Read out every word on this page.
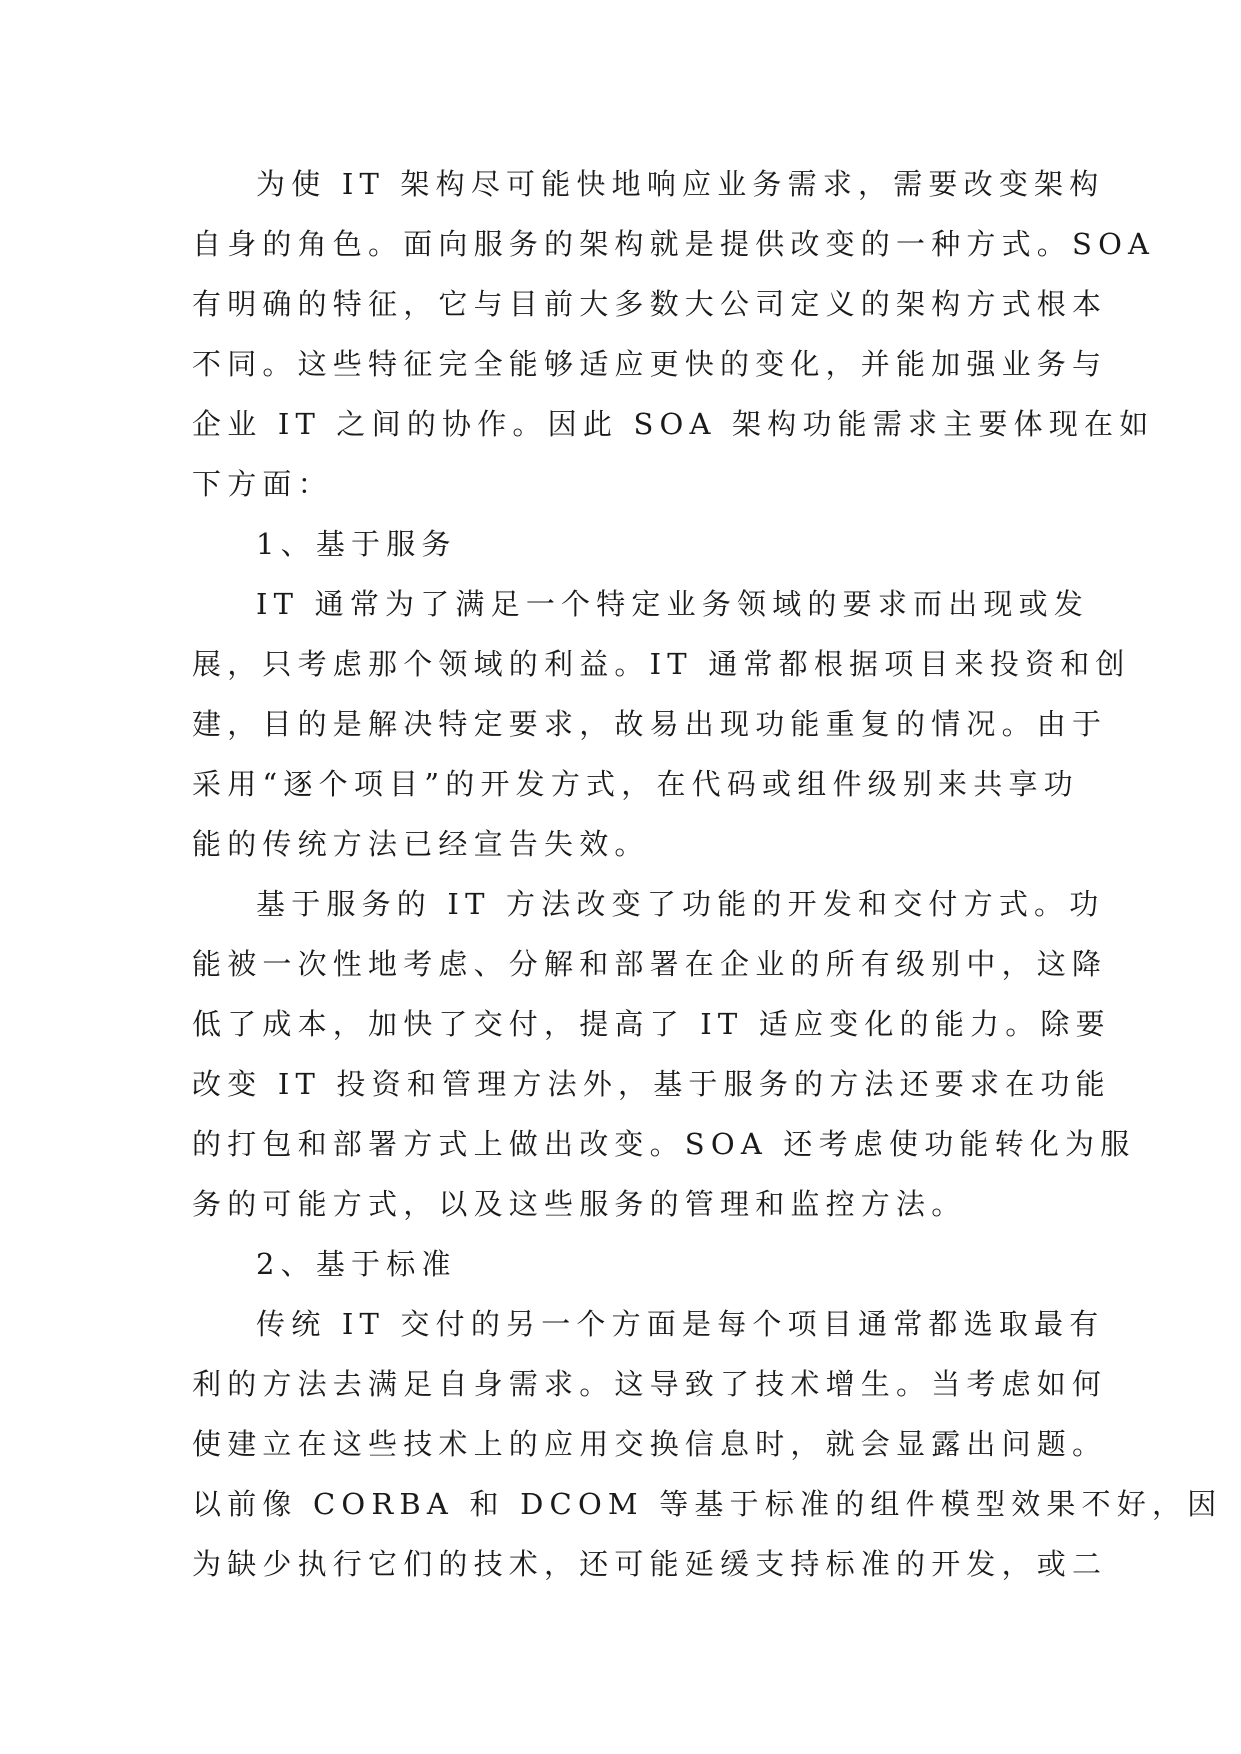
为使 IT 架构尽可能快地响应业务需求，需要改变架构
自身的角色。面向服务的架构就是提供改变的一种方式。SOA
有明确的特征，它与目前大多数大公司定义的架构方式根本
不同。这些特征完全能够适应更快的变化，并能加强业务与
企业 IT 之间的协作。因此 SOA 架构功能需求主要体现在如
下方面：
1、基于服务
IT 通常为了满足一个特定业务领域的要求而出现或发
展，只考虑那个领域的利益。IT 通常都根据项目来投资和创
建，目的是解决特定要求，故易出现功能重复的情况。由于
采用“逐个项目”的开发方式，在代码或组件级别来共享功
能的传统方法已经宣告失效。
基于服务的 IT 方法改变了功能的开发和交付方式。功
能被一次性地考虑、分解和部署在企业的所有级别中，这降
低了成本，加快了交付，提高了 IT 适应变化的能力。除要
改变 IT 投资和管理方法外，基于服务的方法还要求在功能
的打包和部署方式上做出改变。SOA 还考虑使功能转化为服
务的可能方式，以及这些服务的管理和监控方法。
2、基于标准
传统 IT 交付的另一个方面是每个项目通常都选取最有
利的方法去满足自身需求。这导致了技术增生。当考虑如何
使建立在这些技术上的应用交换信息时，就会显露出问题。
以前像 CORBA 和 DCOM 等基于标准的组件模型效果不好，因
为缺少执行它们的技术，还可能延缓支持标准的开发，或二
